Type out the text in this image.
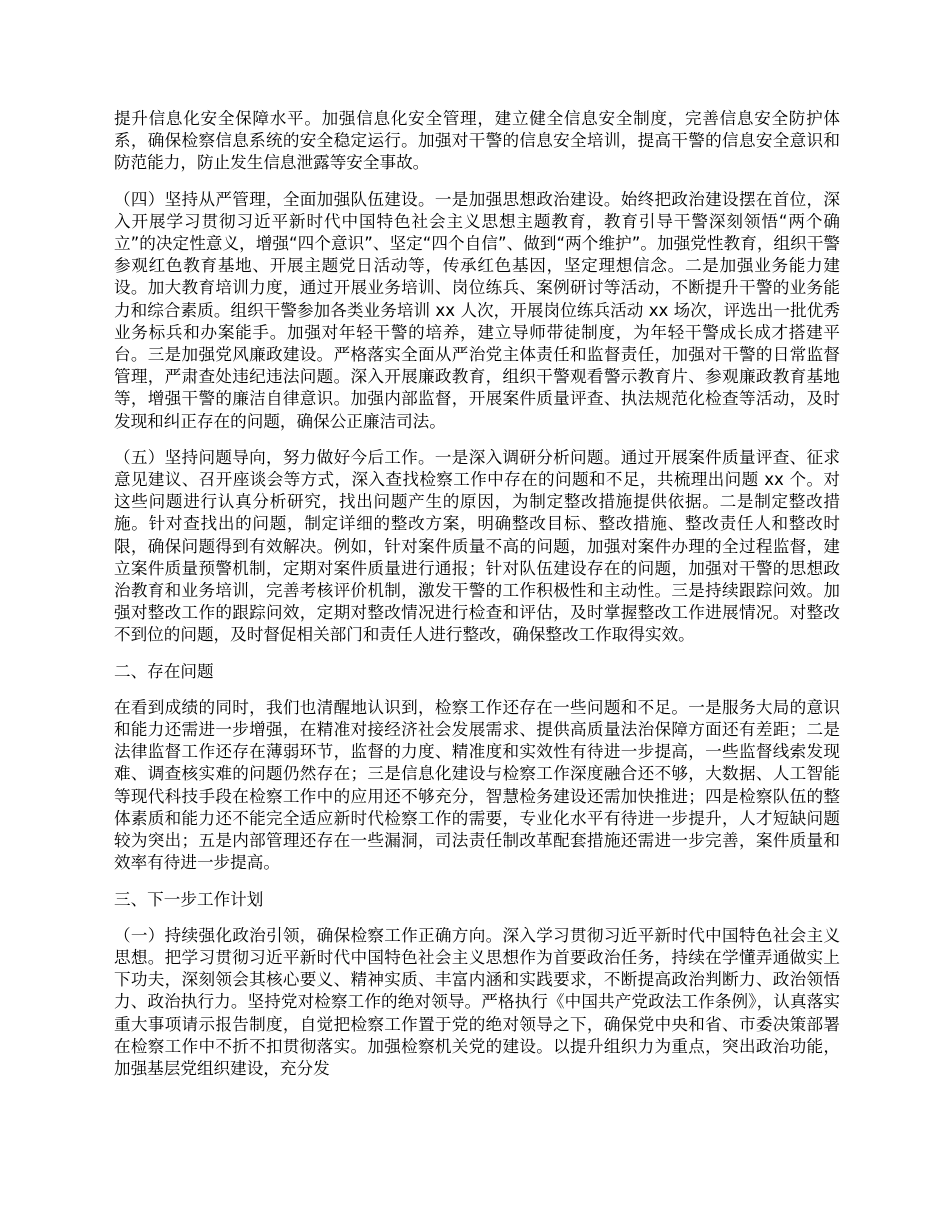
提升信息化安全保障水平。加强信息化安全管理，建立健全信息安全制度，完善信息安全防护体系，确保检察信息系统的安全稳定运行。加强对干警的信息安全培训，提高干警的信息安全意识和防范能力，防止发生信息泄露等安全事故。

（四）坚持从严管理，全面加强队伍建设。一是加强思想政治建设。始终把政治建设摆在首位，深入开展学习贯彻习近平新时代中国特色社会主义思想主题教育，教育引导干警深刻领悟“两个确立”的决定性意义，增强“四个意识”、坚定“四个自信”、做到“两个维护”。加强党性教育，组织干警参观红色教育基地、开展主题党日活动等，传承红色基因，坚定理想信念。二是加强业务能力建设。加大教育培训力度，通过开展业务培训、岗位练兵、案例研讨等活动，不断提升干警的业务能力和综合素质。组织干警参加各类业务培训 xx 人次，开展岗位练兵活动 xx 场次，评选出一批优秀业务标兵和办案能手。加强对年轻干警的培养，建立导师带徒制度，为年轻干警成长成才搭建平台。三是加强党风廉政建设。严格落实全面从严治党主体责任和监督责任，加强对干警的日常监督管理，严肃查处违纪违法问题。深入开展廉政教育，组织干警观看警示教育片、参观廉政教育基地等，增强干警的廉洁自律意识。加强内部监督，开展案件质量评查、执法规范化检查等活动，及时发现和纠正存在的问题，确保公正廉洁司法。

（五）坚持问题导向，努力做好今后工作。一是深入调研分析问题。通过开展案件质量评查、征求意见建议、召开座谈会等方式，深入查找检察工作中存在的问题和不足，共梳理出问题 xx 个。对这些问题进行认真分析研究，找出问题产生的原因，为制定整改措施提供依据。二是制定整改措施。针对查找出的问题，制定详细的整改方案，明确整改目标、整改措施、整改责任人和整改时限，确保问题得到有效解决。例如，针对案件质量不高的问题，加强对案件办理的全过程监督，建立案件质量预警机制，定期对案件质量进行通报；针对队伍建设存在的问题，加强对干警的思想政治教育和业务培训，完善考核评价机制，激发干警的工作积极性和主动性。三是持续跟踪问效。加强对整改工作的跟踪问效，定期对整改情况进行检查和评估，及时掌握整改工作进展情况。对整改不到位的问题，及时督促相关部门和责任人进行整改，确保整改工作取得实效。

二、存在问题

在看到成绩的同时，我们也清醒地认识到，检察工作还存在一些问题和不足。一是服务大局的意识和能力还需进一步增强，在精准对接经济社会发展需求、提供高质量法治保障方面还有差距；二是法律监督工作还存在薄弱环节，监督的力度、精准度和实效性有待进一步提高，一些监督线索发现难、调查核实难的问题仍然存在；三是信息化建设与检察工作深度融合还不够，大数据、人工智能等现代科技手段在检察工作中的应用还不够充分，智慧检务建设还需加快推进；四是检察队伍的整体素质和能力还不能完全适应新时代检察工作的需要，专业化水平有待进一步提升，人才短缺问题较为突出；五是内部管理还存在一些漏洞，司法责任制改革配套措施还需进一步完善，案件质量和效率有待进一步提高。

三、下一步工作计划

（一）持续强化政治引领，确保检察工作正确方向。深入学习贯彻习近平新时代中国特色社会主义思想。把学习贯彻习近平新时代中国特色社会主义思想作为首要政治任务，持续在学懂弄通做实上下功夫，深刻领会其核心要义、精神实质、丰富内涵和实践要求，不断提高政治判断力、政治领悟力、政治执行力。坚持党对检察工作的绝对领导。严格执行《中国共产党政法工作条例》，认真落实重大事项请示报告制度，自觉把检察工作置于党的绝对领导之下，确保党中央和省、市委决策部署在检察工作中不折不扣贯彻落实。加强检察机关党的建设。以提升组织力为重点，突出政治功能，加强基层党组织建设，充分发
